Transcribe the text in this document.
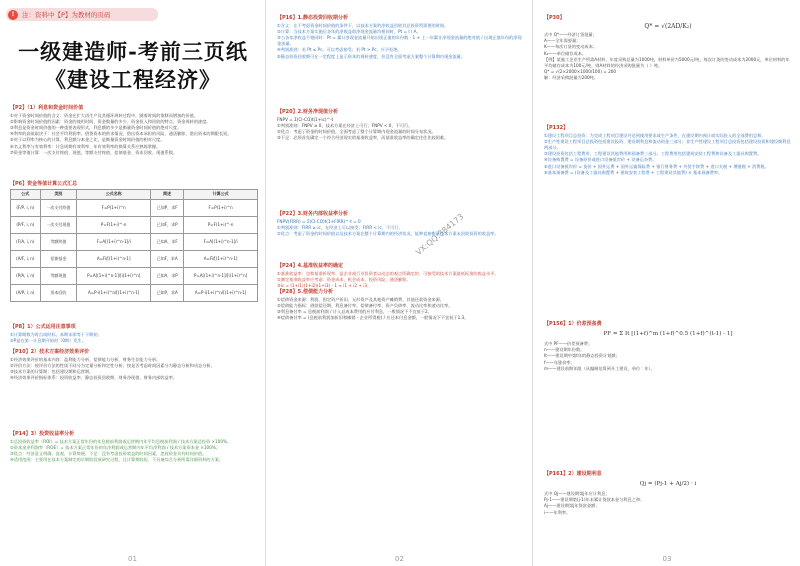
!	注：资料中【P】为教材的页码
一级建造师-考前三页纸
《建设工程经济》
【P2】（1）利息和资金时间价值
①对于资金时间价值的含义：资金在扩大再生产及其循环周转过程中，随着时间的推移而增加的价值。
②影响资金时间价值的因素：资金的使用时间、资金数量的多少、资金投入和回收的特点、资金周转的速度。
③利息是资金时间价值的一种重要表现形式，利息额的多少是衡量资金时间价值的绝对尺度。
④利率的高低取决于：社会平均利润率、借贷资本的供求情况、借出资本承担的风险、通货膨胀、借出资本的期限长短。
⑤对于以利率为核心的计算，利息额与本金之比，是衡量资金时间价值的相对尺度。
⑥名义利率与有效利率：计息周期有效利率、年有效利率的换算关系应熟练掌握。
⑦资金等值计算：一次支付终值、现值，等额支付终值、偿债基金、资本回收、现值系数。
【P6】资金等值计算公式汇总
公式	类别	公式名称	简述	计算公式
(F/P, i, n)	一次支付终值	F=P(1+i)^n	已知P，求F	F=P(1+i)^n
(P/F, i, n)	一次支付现值	P=F(1+i)^-n	已知F，求P	P=F(1+i)^-n
(F/A, i, n)	等额终值	F=A[(1+i)^n-1]/i	已知A，求F	F=A[(1+i)^n-1]/i
(A/F, i, n)	偿债基金	A=Fi/[(1+i)^n-1]	已知F，求A	A=Fi/[(1+i)^n-1]
(P/A, i, n)	等额现值	P=A[(1+i)^n-1]/[i(1+i)^n]	已知A，求P	P=A[(1+i)^n-1]/[i(1+i)^n]
(A/P, i, n)	资本回收	A=P·i(1+i)^n/[(1+i)^n-1]	已知P，求A	A=P·i(1+i)^n/[(1+i)^n-1]
【P8】1）公式运用注意事项
①计算期数为时点或时标，本期末即等于下期初。
②P是在第一计息期开始时（0期）发生。
【P10】2）技术方案经济效果评价
①经济效果评价的基本内容：盈利能力分析、偿债能力分析、财务生存能力分析。
②评价方法：按评价方法的性质不同分为定量分析和定性分析；按是否考虑时间因素分为静态分析和动态分析。
③技术方案的计算期：包括建设期和运营期。
④经济效果评价指标体系：投资收益率、静态投资回收期、财务净现值、财务内部收益率。
【P14】3）投资收益率分析
①总投资收益率（ROI）= 技术方案正常年份的年息税前利润或运营期内年平均息税前利润 / 技术方案总投资 ×100%。
②资本金净利润率（ROE）= 技术方案正常年份的年净利润或运营期内年平均净利润 / 技术方案资本金 ×100%。
③优点：经济意义明确、直观，计算简便。不足：没有考虑投资收益的时间因素，忽视资金具有时间价值。
④适用范围：主要用在技术方案制定的早期阶段或研究过程，且计算期较短、不具备综合分析所需详细资料的方案。
01
【P16】1.静态投资回收期分析
①含义：在不考虑资金时间价值的条件下，以技术方案的净收益回收其总投资所需要的时间。
②计算：当技术方案实施后各年的净收益即净现金流量均相同时，Pt = I / A。
③当各年净收益不相同时：Pt = 累计净现金流量开始出现正值的年份数 - 1 + 上一年累计净现金流量的绝对值 / 出现正值年份的净现金流量。
④判别准则：若 Pt ≤ Pc，可以考虑接受；若 Pt > Pc，应予拒绝。
⑤静态投资回收期可在一定程度上显示资本的周转速度，但没有全面考虑方案整个计算期内现金流量。
【P20】2.财务净现值分析
FNPV = Σ(CI-CO)t(1+ic)^-t
①判别准则：FNPV ≥ 0，技术方案在经济上可行；FNPV < 0，不可行。
②优点：考虑了资金的时间价值，全面考虑了整个计算期内现金流量的时间分布状况。
③不足：必须首先确定一个符合经济现实的基准收益率，而基准收益率的确定往往比较困难。
【P22】3.财务内部收益率分析
FNPV(FIRR) = Σ(CI-CO)t(1+FIRR)^-t = 0
①判别准则：FIRR ≥ ic，在经济上可以接受；FIRR < ic，不可行。
②优点：考虑了资金的时间价值以及技术方案在整个计算期内的经济状况，能够直接衡量技术方案未回收投资的收益率。
【P24】4.基准收益率的确定
①基准收益率：也称基准折现率，是企业或行业投资者以动态的观点所确定的、可接受的技术方案最低标准的收益水平。
②测定基准收益率应考虑：资金成本、机会成本、投资风险、通货膨胀。
③ic = (1+i1)(1+i2)(1+i3) - 1 ≈ i1 + i2 + i3。
【P28】5.偿债能力分析
①偿债资金来源：利润、固定资产折旧、无形资产及其他资产摊销费、其他还款资金来源。
②偿债能力指标：借款偿还期、利息备付率、偿债备付率、资产负债率、流动比率和速动比率。
③利息备付率 = 息税前利润 / 计入总成本费用的应付利息，一般情况下不宜低于2。
④偿债备付率 = (息税前利润加折旧和摊销 - 企业所得税) / 应还本付息金额，一般情况下不宜低于1.3。
02
VX:QQ:384173
【P30】
Q* = √(2AD/K₂)
式中 Q*——经济订货批量；
A——全年需要量；
K——每次订货的变动成本；
K₂——单位储存成本。
【例】某施工企业生产所需A材料，年度采购总量为1000吨，材料单价为5000元/吨，每次订货的变动成本为2000元，单位材料的年平均储存成本为100元/吨。则A材料的经济采购批量为（ ）吨。
Q* = √(2×2000×1000/100) = 200
解：经济采购批量为200吨。
【P132】
①建设工程项目总投资：为完成工程项目建设并达到使用要求或生产条件，在建设期内预计或实际投入的全部费用总和。
②生产性建设工程项目总投资包括建设投资、建设期利息和流动资金三部分；非生产性建设工程项目总投资包括建设投资和建设期利息两部分。
③建设投资包括工程费用、工程建设其他费用和预备费三部分。工程费用包括建筑安装工程费和设备及工器具购置费。
④设备购置费 = 设备原价或进口设备抵岸价 + 设备运杂费。
⑤进口设备抵岸价 = 货价 + 国外运费 + 国外运输保险费 + 银行财务费 + 外贸手续费 + 进口关税 + 增值税 + 消费税。
⑥基本预备费 = (设备及工器具购置费 + 建筑安装工程费 + 工程建设其他费) × 基本预备费率。
【P156】1）价差预备费
PF = Σ It [(1+f)^m (1+f)^0.5 (1+f)^(t-1) - 1]
式中 PF——价差预备费；
n——建设期年份数；
It——建设期中第t年的静态投资计划额；
f——年涨价率；
m——建设前期年限（从编制估算到开工建设，单位：年）。
【P161】2）建设期利息
Qj = (Pj-1 + Aj/2) · i
式中 Qj——建设期第j年应计利息；
Pj-1——建设期第(j-1)年末累计贷款本金与利息之和；
Aj——建设期第j年贷款金额；
i——年利率。
03
